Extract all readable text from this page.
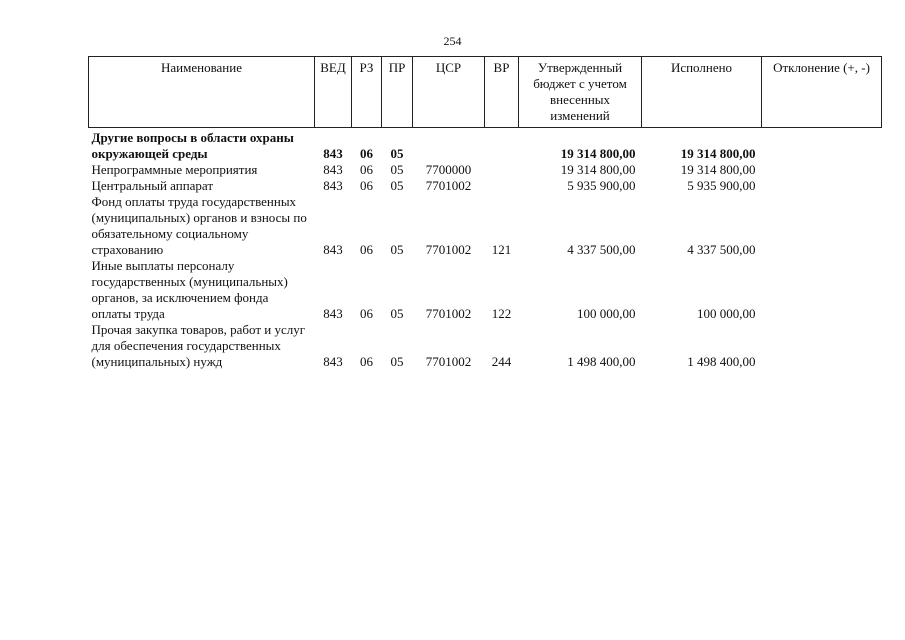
254
Наименование	ВЕД	РЗ	ПР	ЦСР	ВР	Утвержденный бюджет с учетом внесенных изменений	Исполнено	Отклонение (+, -)
Другие вопросы в области охраны окружающей среды	843	06	05			19 314 800,00	19 314 800,00	
Непрограммные мероприятия	843	06	05	7700000		19 314 800,00	19 314 800,00	
Центральный аппарат	843	06	05	7701002		5 935 900,00	5 935 900,00	
Фонд оплаты труда государственных (муниципальных) органов и взносы по обязательному социальному страхованию	843	06	05	7701002	121	4 337 500,00	4 337 500,00	
Иные выплаты персоналу государственных (муниципальных) органов, за исключением фонда оплаты труда	843	06	05	7701002	122	100 000,00	100 000,00	
Прочая закупка товаров, работ и услуг для обеспечения государственных (муниципальных) нужд	843	06	05	7701002	244	1 498 400,00	1 498 400,00	
